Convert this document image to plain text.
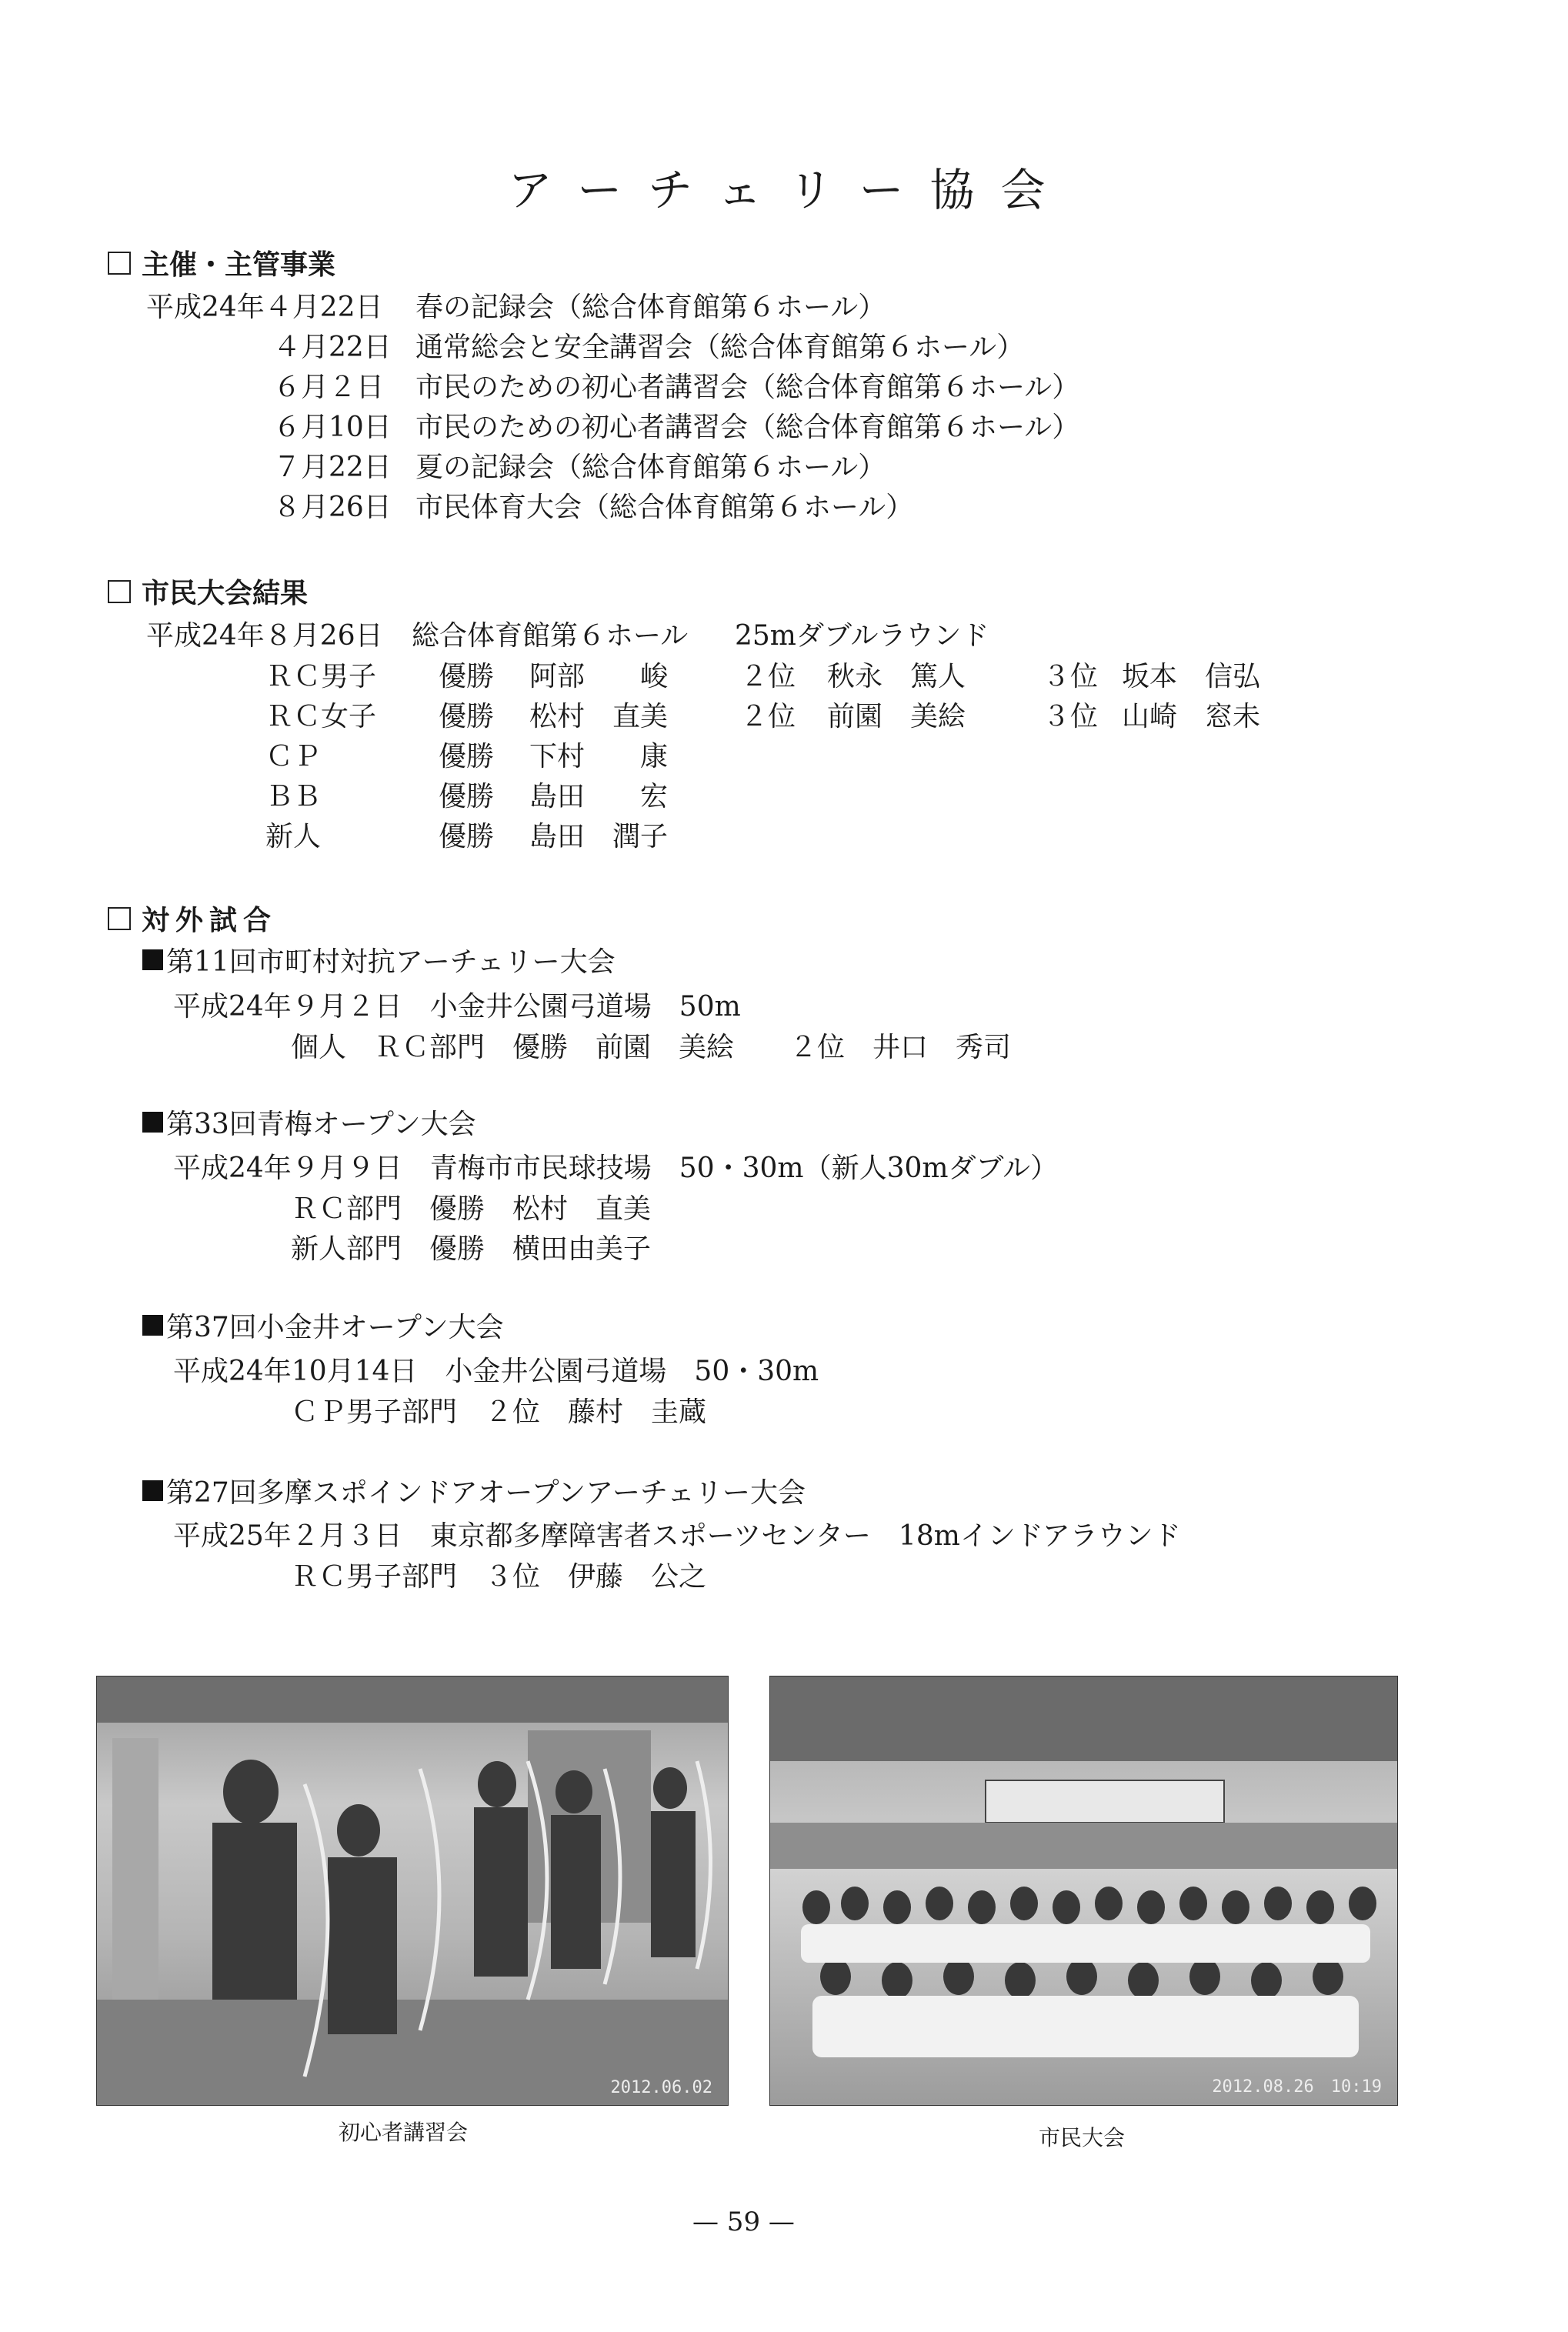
アーチェリー協会
主催・主管事業
平成24年４月22日 春の記録会（総合体育館第６ホール）
４月22日 通常総会と安全講習会（総合体育館第６ホール）
６月２日 市民のための初心者講習会（総合体育館第６ホール）
６月10日 市民のための初心者講習会（総合体育館第６ホール）
７月22日 夏の記録会（総合体育館第６ホール）
８月26日 市民体育大会（総合体育館第６ホール）
市民大会結果
平成24年８月26日 総合体育館第６ホール 25mダブルラウンド
ＲＣ男子 優勝 阿部　　峻	２位 秋永　篤人	３位 坂本　信弘
ＲＣ女子 優勝 松村　直美	２位 前園　美絵	３位 山崎　窓未
ＣＰ	優勝 下村　　康
ＢＢ	優勝 島田　　宏
新人	優勝 島田　潤子
対外試合
第11回市町村対抗アーチェリー大会
平成24年９月２日　小金井公園弓道場　50m
個人　ＲＣ部門　優勝　前園　美絵　　２位　井口　秀司
第33回青梅オープン大会
平成24年９月９日　青梅市市民球技場　50・30m（新人30mダブル）
ＲＣ部門　優勝　松村　直美
新人部門　優勝　横田由美子
第37回小金井オープン大会
平成24年10月14日　小金井公園弓道場　50・30m
ＣＰ男子部門　２位　藤村　圭蔵
第27回多摩スポインドアオープンアーチェリー大会
平成25年２月３日　東京都多摩障害者スポーツセンター　18mインドアラウンド
ＲＣ男子部門　３位　伊藤　公之
2012.06.02
初心者講習会
2012.08.26　10:19
市民大会
— 59 —
